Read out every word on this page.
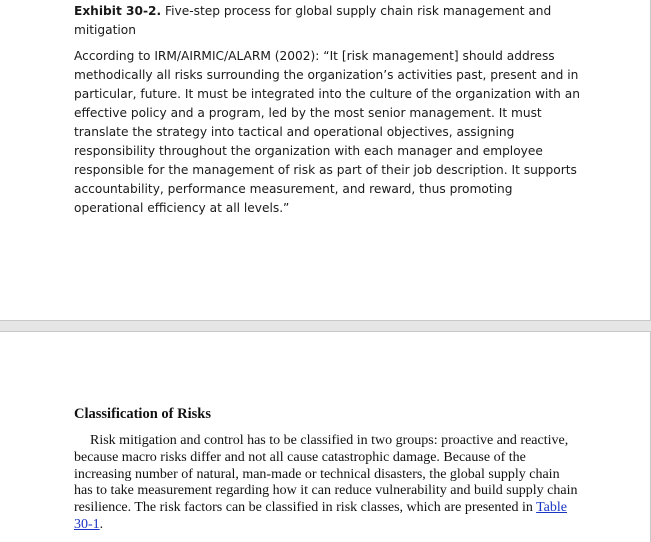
Exhibit 30-2. Five-step process for global supply chain risk management and mitigation

According to IRM/AIRMIC/ALARM (2002): “It [risk management] should address methodically all risks surrounding the organization’s activities past, present and in particular, future. It must be integrated into the culture of the organization with an effective policy and a program, led by the most senior management. It must translate the strategy into tactical and operational objectives, assigning responsibility throughout the organization with each manager and employee responsible for the management of risk as part of their job description. It supports accountability, performance measurement, and reward, thus promoting operational efficiency at all levels.”

Classification of Risks

Risk mitigation and control has to be classified in two groups: proactive and reactive, because macro risks differ and not all cause catastrophic damage. Because of the increasing number of natural, man-made or technical disasters, the global supply chain has to take measurement regarding how it can reduce vulnerability and build supply chain resilience. The risk factors can be classified in risk classes, which are presented in Table 30-1.
